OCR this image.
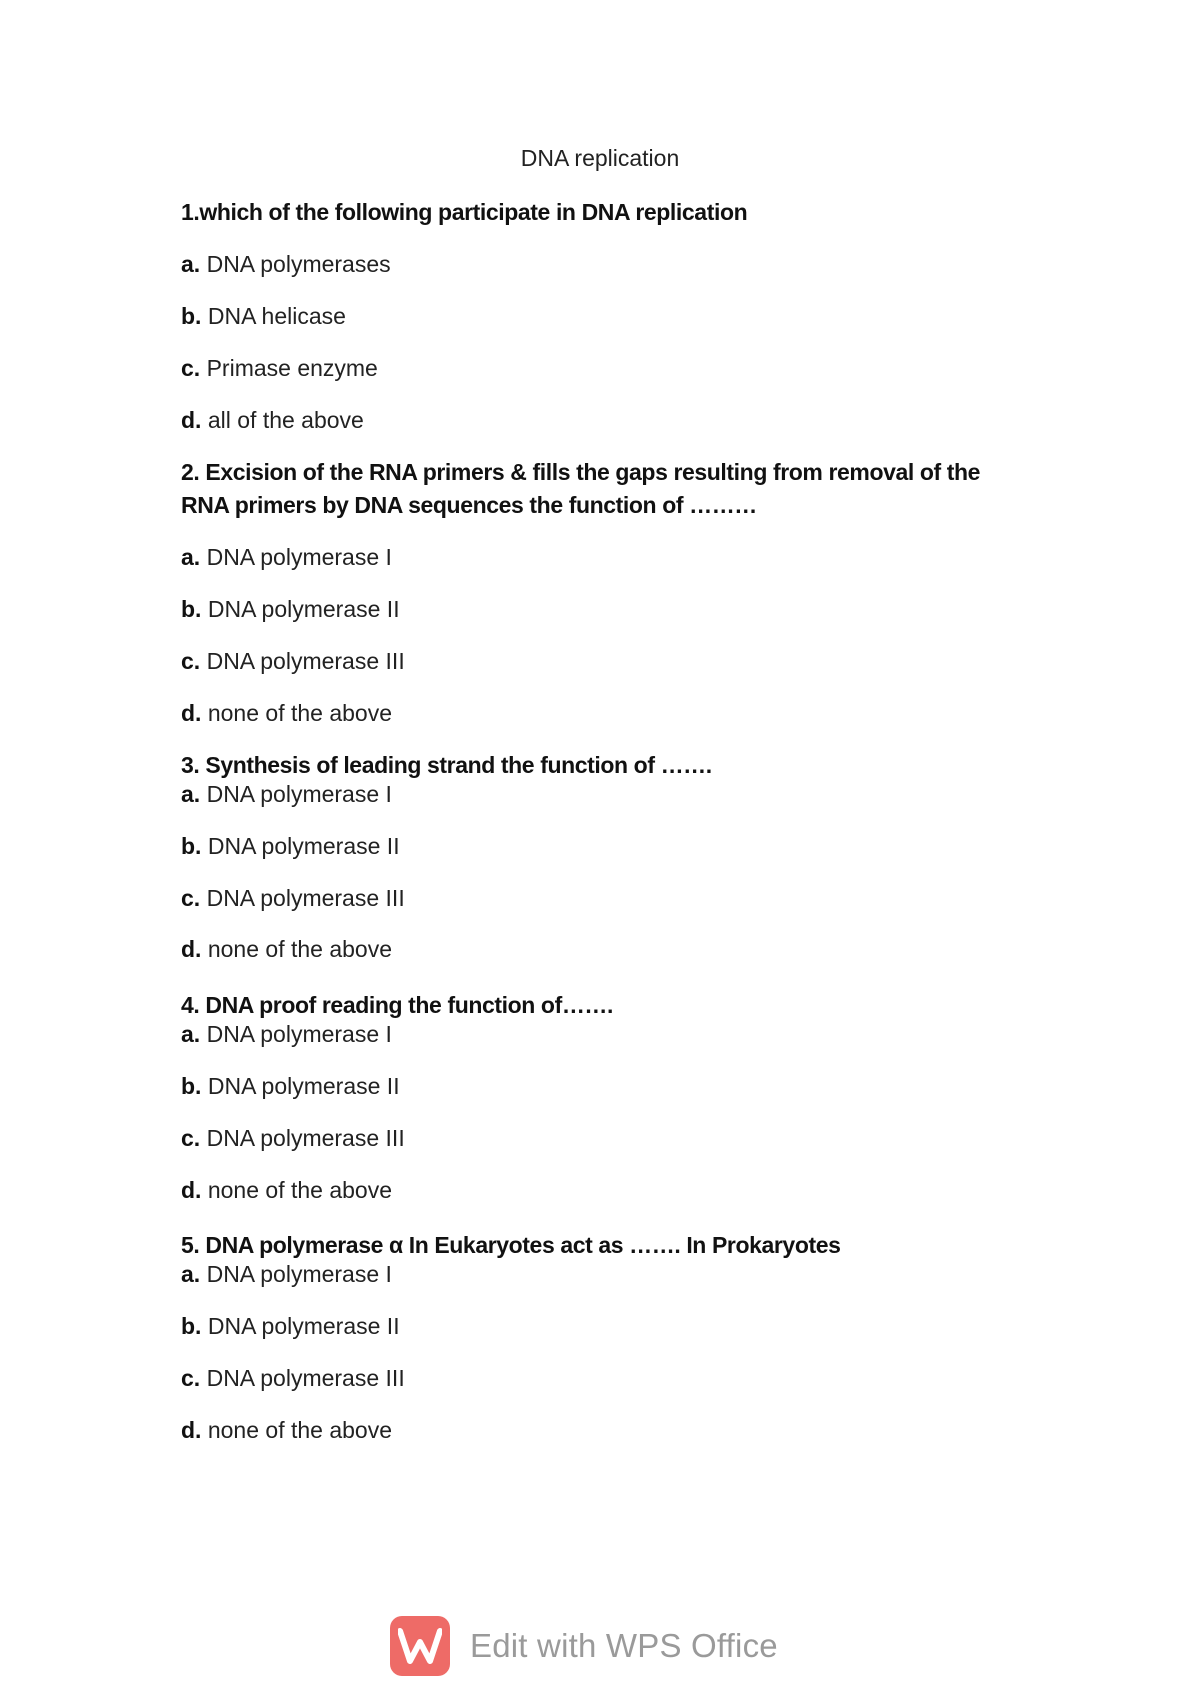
DNA replication
1.which of the following participate in DNA replication
a. DNA polymerases
b. DNA helicase
c. Primase enzyme
d. all of the above
2. Excision of the RNA primers & fills the gaps resulting from removal of the
RNA primers by DNA sequences the function of ………
a. DNA polymerase I
b. DNA polymerase II
c. DNA polymerase III
d. none of the above
3. Synthesis of leading strand the function of …….
a. DNA polymerase I
b. DNA polymerase II
c. DNA polymerase III
d. none of the above
4. DNA proof reading the function of…….
a. DNA polymerase I
b. DNA polymerase II
c. DNA polymerase III
d. none of the above
5. DNA polymerase α In Eukaryotes act as ……. In Prokaryotes
a. DNA polymerase I
b. DNA polymerase II
c. DNA polymerase III
d. none of the above
Edit with WPS Office
